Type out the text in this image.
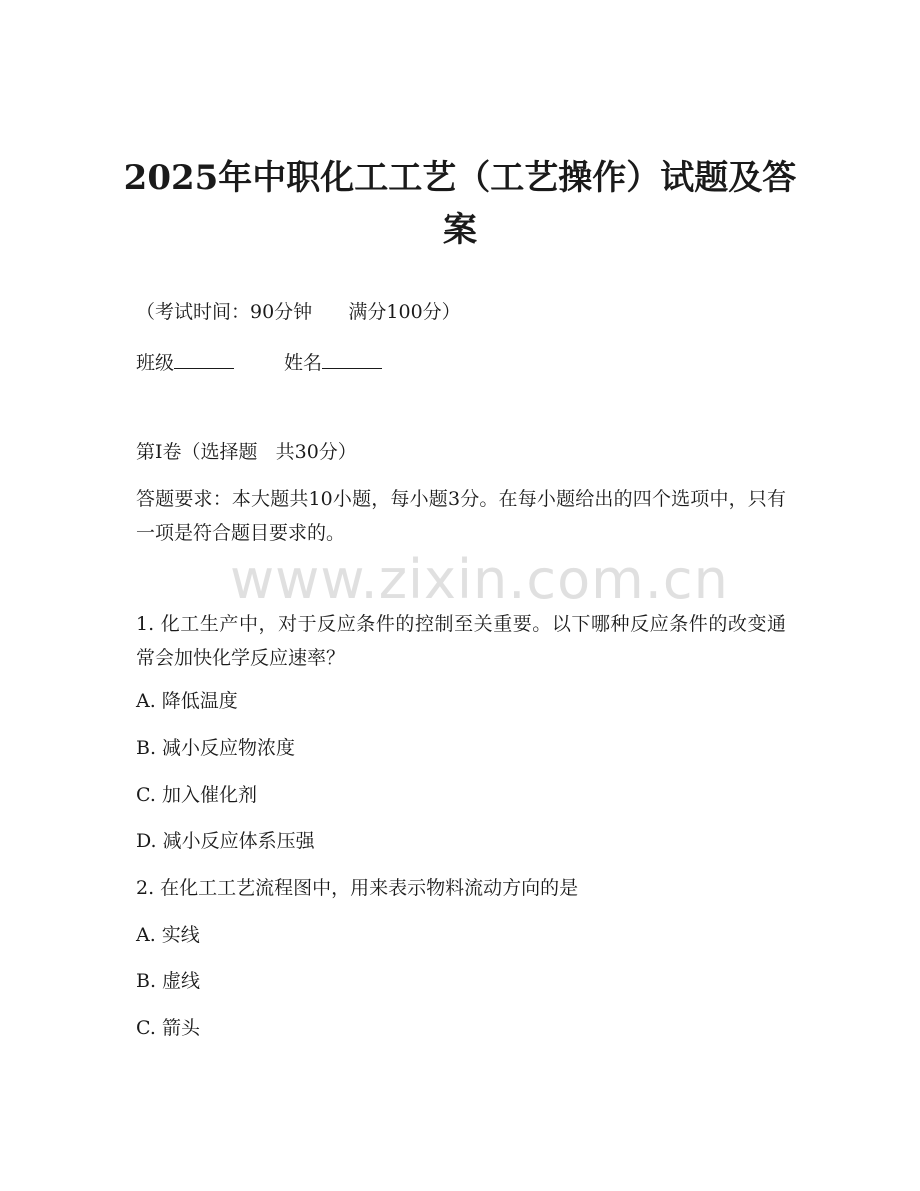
2025年中职化工工艺（工艺操作）试题及答
案
（考试时间：90分钟      满分100分）
班级	姓名
第I卷（选择题   共30分）
答题要求：本大题共10小题，每小题3分。在每小题给出的四个选项中，只有一项是符合题目要求的。
www.zixin.com.cn
1. 化工生产中，对于反应条件的控制至关重要。以下哪种反应条件的改变通常会加快化学反应速率？
A. 降低温度
B. 减小反应物浓度
C. 加入催化剂
D. 减小反应体系压强
2. 在化工工艺流程图中，用来表示物料流动方向的是
A. 实线
B. 虚线
C. 箭头
